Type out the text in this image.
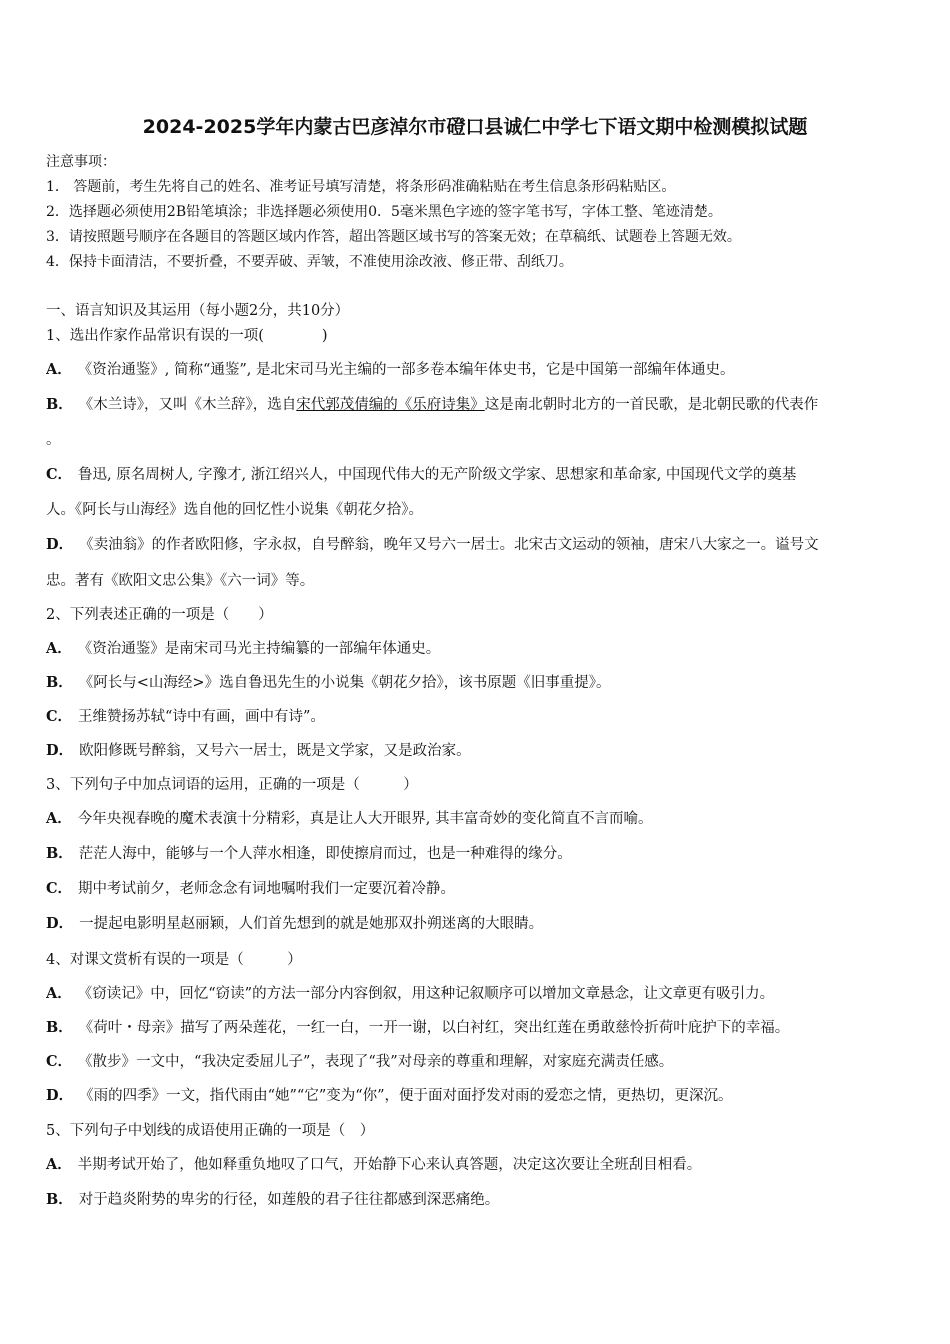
2024-2025学年内蒙古巴彦淖尔市磴口县诚仁中学七下语文期中检测模拟试题
注意事项：
1． 答题前，考生先将自己的姓名、准考证号填写清楚，将条形码准确粘贴在考生信息条形码粘贴区。
2．选择题必须使用2B铅笔填涂；非选择题必须使用0．5毫米黑色字迹的签字笔书写，字体工整、笔迹清楚。
3．请按照题号顺序在各题目的答题区域内作答，超出答题区域书写的答案无效；在草稿纸、试题卷上答题无效。
4．保持卡面清洁，不要折叠，不要弄破、弄皱，不准使用涂改液、修正带、刮纸刀。
一、语言知识及其运用（每小题2分，共10分）
1、选出作家作品常识有误的一项(　　　　)
A． 《资治通鉴》, 简称“通鉴”, 是北宋司马光主编的一部多卷本编年体史书，它是中国第一部编年体通史。
B． 《木兰诗》，又叫《木兰辞》，选自宋代郭茂倩编的《乐府诗集》这是南北朝时北方的一首民歌，是北朝民歌的代表作
。
C． 鲁迅, 原名周树人, 字豫才, 浙江绍兴人，中国现代伟大的无产阶级文学家、思想家和革命家, 中国现代文学的奠基
人。《阿长与山海经》选自他的回忆性小说集《朝花夕拾》。
D． 《卖油翁》的作者欧阳修，字永叔，自号醉翁，晚年又号六一居士。北宋古文运动的领袖，唐宋八大家之一。谥号文
忠。著有《欧阳文忠公集》《六一词》等。
2、下列表述正确的一项是（　　）
A． 《资治通鉴》是南宋司马光主持编纂的一部编年体通史。
B． 《阿长与<山海经>》选自鲁迅先生的小说集《朝花夕拾》，该书原题《旧事重提》。
C． 王维赞扬苏轼“诗中有画，画中有诗”。
D． 欧阳修既号醉翁，又号六一居士，既是文学家，又是政治家。
3、下列句子中加点词语的运用，正确的一项是（　　　）
A． 今年央视春晚的魔术表演十分精彩，真是让人大开眼界, 其丰富奇妙的变化简直不言而喻。
B． 茫茫人海中，能够与一个人萍水相逢，即使擦肩而过，也是一种难得的缘分。
C． 期中考试前夕，老师念念有词地嘱咐我们一定要沉着冷静。
D． 一提起电影明星赵丽颖，人们首先想到的就是她那双扑朔迷离的大眼睛。
4、对课文赏析有误的一项是（　　　）
A． 《窃读记》中，回忆“窃读”的方法一部分内容倒叙，用这种记叙顺序可以增加文章悬念，让文章更有吸引力。
B． 《荷叶・母亲》描写了两朵莲花，一红一白，一开一谢，以白衬红，突出红莲在勇敢慈怜折荷叶庇护下的幸福。
C． 《散步》一文中，“我决定委屈儿子”，表现了“我”对母亲的尊重和理解，对家庭充满责任感。
D． 《雨的四季》一文，指代雨由“她”“它”变为“你”，便于面对面抒发对雨的爱恋之情，更热切，更深沉。
5、下列句子中划线的成语使用正确的一项是（　）
A． 半期考试开始了，他如释重负地叹了口气，开始静下心来认真答题，决定这次要让全班刮目相看。
B． 对于趋炎附势的卑劣的行径，如莲般的君子往往都感到深恶痛绝。
